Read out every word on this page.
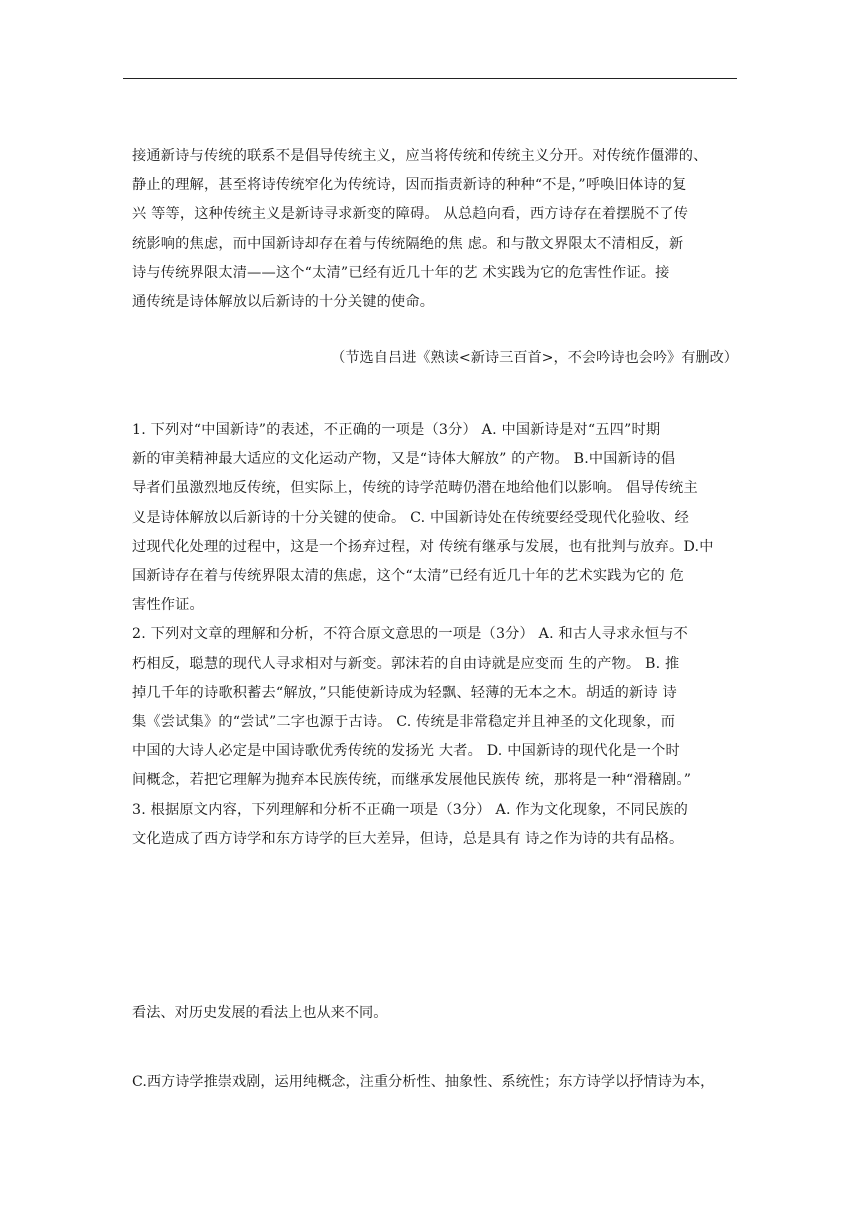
接通新诗与传统的联系不是倡导传统主义，应当将传统和传统主义分开。对传统作僵滞的、

静止的理解，甚至将诗传统窄化为传统诗，因而指责新诗的种种“不是，”呼唤旧体诗的复

兴 等等，这种传统主义是新诗寻求新变的障碍。 从总趋向看，西方诗存在着摆脱不了传

统影响的焦虑，而中国新诗却存在着与传统隔绝的焦 虑。和与散文界限太不清相反，新

诗与传统界限太清——这个“太清”已经有近几十年的艺 术实践为它的危害性作证。接

通传统是诗体解放以后新诗的十分关键的使命。

（节选自吕进《熟读<新诗三百首>，不会吟诗也会吟》有删改）

1. 下列对“中国新诗”的表述，不正确的一项是（3分） A. 中国新诗是对“五四”时期

新的审美精神最大适应的文化运动产物，又是“诗体大解放” 的产物。 B.中国新诗的倡

导者们虽激烈地反传统，但实际上，传统的诗学范畴仍潜在地给他们以影响。 倡导传统主

义是诗体解放以后新诗的十分关键的使命。 C. 中国新诗处在传统要经受现代化验收、经

过现代化处理的过程中，这是一个扬弃过程，对 传统有继承与发展，也有批判与放弃。D.中

国新诗存在着与传统界限太清的焦虑，这个“太清”已经有近几十年的艺术实践为它的 危

害性作证。

2. 下列对文章的理解和分析，不符合原文意思的一项是（3分） A. 和古人寻求永恒与不

朽相反，聪慧的现代人寻求相对与新变。郭沫若的自由诗就是应变而 生的产物。 B. 推

掉几千年的诗歌积蓄去“解放，”只能使新诗成为轻飘、轻薄的无本之木。胡适的新诗 诗

集《尝试集》的“尝试”二字也源于古诗。 C. 传统是非常稳定并且神圣的文化现象，而

中国的大诗人必定是中国诗歌优秀传统的发扬光 大者。 D. 中国新诗的现代化是一个时

间概念，若把它理解为抛弃本民族传统，而继承发展他民族传 统，那将是一种“滑稽剧。”

3. 根据原文内容，下列理解和分析不正确一项是（3分） A. 作为文化现象，不同民族的

文化造成了西方诗学和东方诗学的巨大差异，但诗，总是具有 诗之作为诗的共有品格。

看法、对历史发展的看法上也从来不同。
C.西方诗学推崇戏剧，运用纯概念，注重分析性、抽象性、系统性；东方诗学以抒情诗为本，
